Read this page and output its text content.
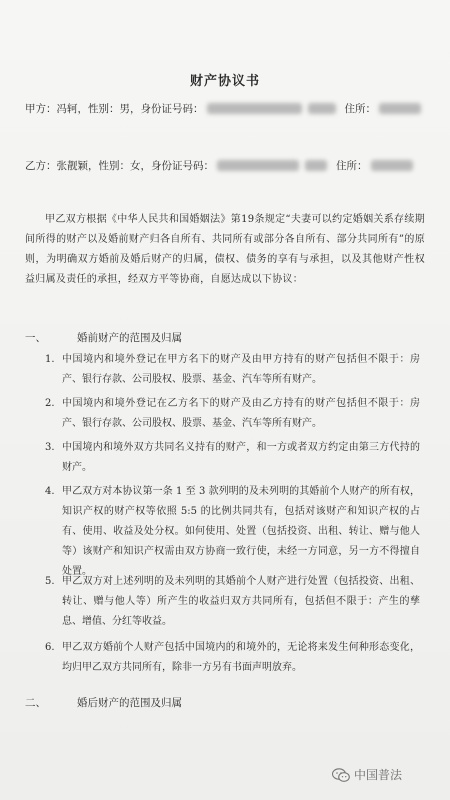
财产协议书
甲方：冯轲，性别：男，身份证号码：	住所：
乙方：张靓颖，性别：女，身份证号码：	住所：
甲乙双方根据《中华人民共和国婚姻法》第19条规定“夫妻可以约定婚姻关系存续期间所得的财产以及婚前财产归各自所有、共同所有或部分各自所有、部分共同所有”的原则，为明确双方婚前及婚后财产的归属，债权、债务的享有与承担，以及其他财产性权益归属及责任的承担，经双方平等协商，自愿达成以下协议：
一、	婚前财产的范围及归属
1. 中国境内和境外登记在甲方名下的财产及由甲方持有的财产包括但不限于：房产、银行存款、公司股权、股票、基金、汽车等所有财产。
2. 中国境内和境外登记在乙方名下的财产及由乙方持有的财产包括但不限于：房产、银行存款、公司股权、股票、基金、汽车等所有财产。
3. 中国境内和境外双方共同名义持有的财产，和一方或者双方约定由第三方代持的财产。
4. 甲乙双方对本协议第一条 1 至 3 款列明的及未列明的其婚前个人财产的所有权，知识产权的财产权等依照 5:5 的比例共同共有，包括对该财产和知识产权的占有、使用、收益及处分权。如何使用、处置（包括投资、出租、转让、赠与他人等）该财产和知识产权需由双方协商一致行使，未经一方同意，另一方不得擅自处置。
5. 甲乙双方对上述列明的及未列明的其婚前个人财产进行处置（包括投资、出租、转让、赠与他人等）所产生的收益归双方共同所有，包括但不限于：产生的孳息、增值、分红等收益。
6. 甲乙双方婚前个人财产包括中国境内的和境外的，无论将来发生何种形态变化，均归甲乙双方共同所有，除非一方另有书面声明放弃。
二、	婚后财产的范围及归属
中国普法
